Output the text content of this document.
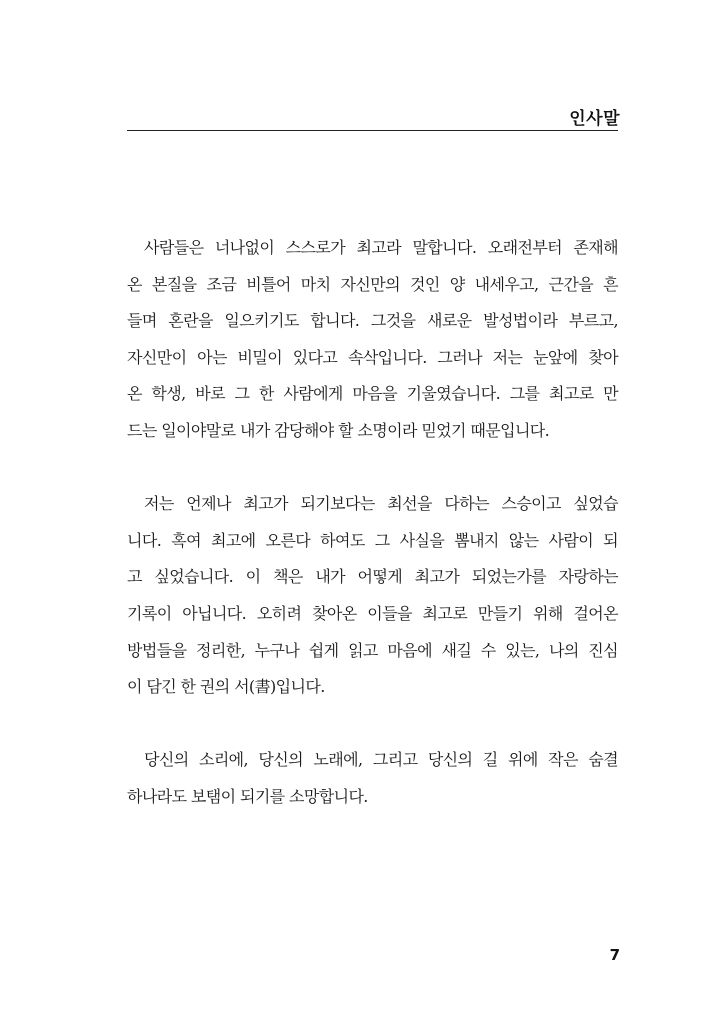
인사말
사람들은 너나없이 스스로가 최고라 말합니다. 오래전부터 존재해
온 본질을 조금 비틀어 마치 자신만의 것인 양 내세우고, 근간을 흔
들며 혼란을 일으키기도 합니다. 그것을 새로운 발성법이라 부르고,
자신만이 아는 비밀이 있다고 속삭입니다. 그러나 저는 눈앞에 찾아
온 학생, 바로 그 한 사람에게 마음을 기울였습니다. 그를 최고로 만
드는 일이야말로 내가 감당해야 할 소명이라 믿었기 때문입니다.
저는 언제나 최고가 되기보다는 최선을 다하는 스승이고 싶었습
니다. 혹여 최고에 오른다 하여도 그 사실을 뽐내지 않는 사람이 되
고 싶었습니다. 이 책은 내가 어떻게 최고가 되었는가를 자랑하는
기록이 아닙니다. 오히려 찾아온 이들을 최고로 만들기 위해 걸어온
방법들을 정리한, 누구나 쉽게 읽고 마음에 새길 수 있는, 나의 진심
이 담긴 한 권의 서(書)입니다.
당신의 소리에, 당신의 노래에, 그리고 당신의 길 위에 작은 숨결
하나라도 보탬이 되기를 소망합니다.
7
